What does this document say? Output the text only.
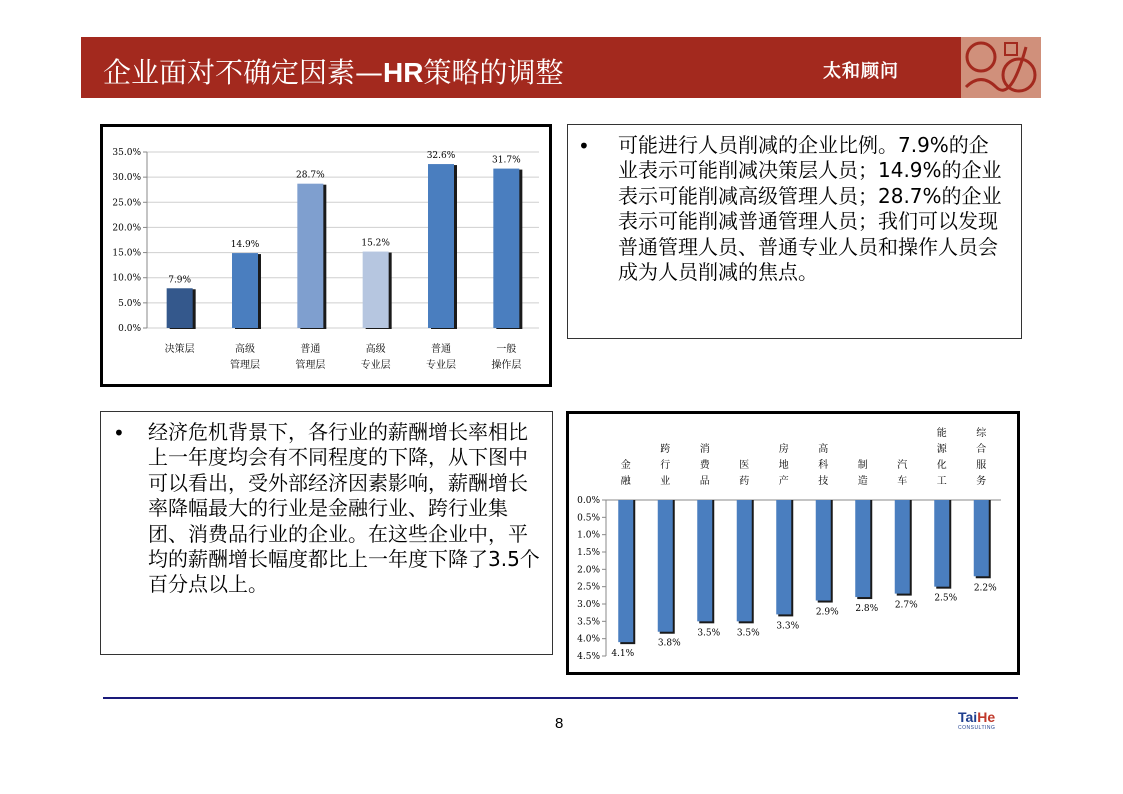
企业面对不确定因素—HR策略的调整	太和顾问
0.0%
5.0%
10.0%
15.0%
20.0%
25.0%
30.0%
35.0%
7.9%
决策层
14.9%
高级
管理层
28.7%
普通
管理层
15.2%
高级
专业层
32.6%
普通
专业层
31.7%
一般
操作层
• 可能进行人员削减的企业比例。7.9%的企业表示可能削减决策层人员；14.9%的企业表示可能削减高级管理人员；28.7%的企业表示可能削减普通管理人员；我们可以发现普通管理人员、普通专业人员和操作人员会成为人员削减的焦点。
• 经济危机背景下，各行业的薪酬增长率相比上一年度均会有不同程度的下降，从下图中可以看出，受外部经济因素影响，薪酬增长率降幅最大的行业是金融行业、跨行业集团、消费品行业的企业。在这些企业中，平均的薪酬增长幅度都比上一年度下降了3.5个百分点以上。
0.0%
0.5%
1.0%
1.5%
2.0%
2.5%
3.0%
3.5%
4.0%
4.5% 4.1%
金
融
3.8%
跨
行
业
3.5%
消
费
品
3.5%
医
药
3.3%
房
地
产
2.9%
高
科
技
2.8%
制
造
2.7%
汽
车
2.5%
能
源
化
工
2.2%
综
合
服
务
8	TaiHe
CONSULTING
